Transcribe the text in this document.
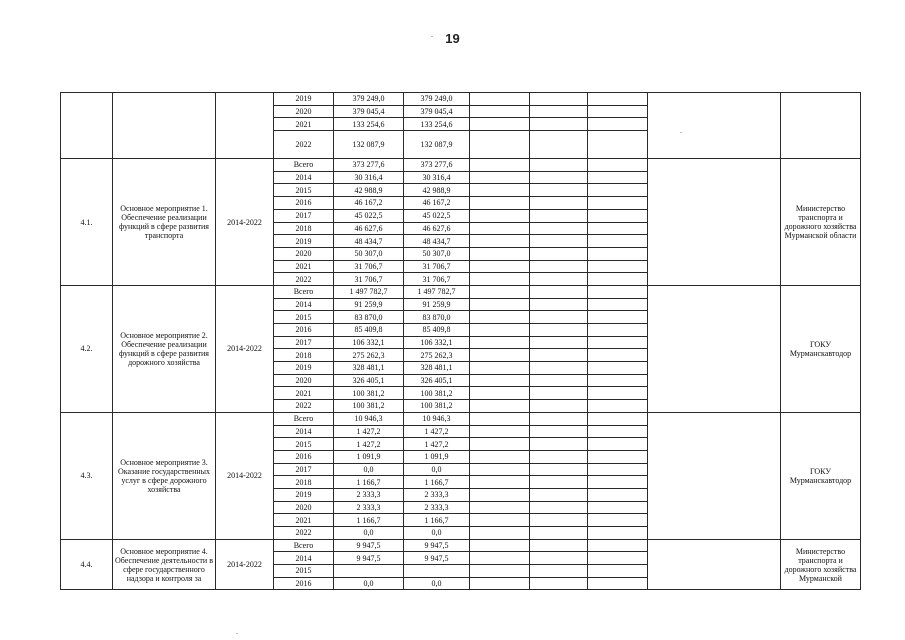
19
			2019	379 249,0	379 249,0					
			2020	379 045,4	379 045,4					
			2021	133 254,6	133 254,6					
			2022	132 087,9	132 087,9					
4.1.	Основное мероприятие 1. Обеспечение реализации функций в сфере развития транспорта	2014-2022	Всего	373 277,6	373 277,6					Министерство транспорта и дорожного хозяйства Мурманской области
			2014	30 316,4	30 316,4					
			2015	42 988,9	42 988,9					
			2016	46 167,2	46 167,2					
			2017	45 022,5	45 022,5					
			2018	46 627,6	46 627,6					
			2019	48 434,7	48 434,7					
			2020	50 307,0	50 307,0					
			2021	31 706,7	31 706,7					
			2022	31 706,7	31 706,7					
4.2.	Основное мероприятие 2. Обеспечение реализации функций в сфере развития дорожного хозяйства	2014-2022	Всего	1 497 782,7	1 497 782,7					ГОКУ Мурманскавтодор
			2014	91 259,9	91 259,9					
			2015	83 870,0	83 870,0					
			2016	85 409,8	85 409,8					
			2017	106 332,1	106 332,1					
			2018	275 262,3	275 262,3					
			2019	328 481,1	328 481,1					
			2020	326 405,1	326 405,1					
			2021	100 381,2	100 381,2					
			2022	100 381,2	100 381,2					
4.3.	Основное мероприятие 3. Оказание государственных услуг в сфере дорожного хозяйства	2014-2022	Всего	10 946,3	10 946,3					ГОКУ Мурманскавтодор
			2014	1 427,2	1 427,2					
			2015	1 427,2	1 427,2					
			2016	1 091,9	1 091,9					
			2017	0,0	0,0					
			2018	1 166,7	1 166,7					
			2019	2 333,3	2 333,3					
			2020	2 333,3	2 333,3					
			2021	1 166,7	1 166,7					
			2022	0,0	0,0					
4.4.	Основное мероприятие 4. Обеспечение деятельности в сфере государственного надзора и контроля за	2014-2022	Всего	9 947,5	9 947,5					Министерство транспорта и дорожного хозяйства Мурманской
			2014	9 947,5	9 947,5					
			2015							
			2016	0,0	0,0					
